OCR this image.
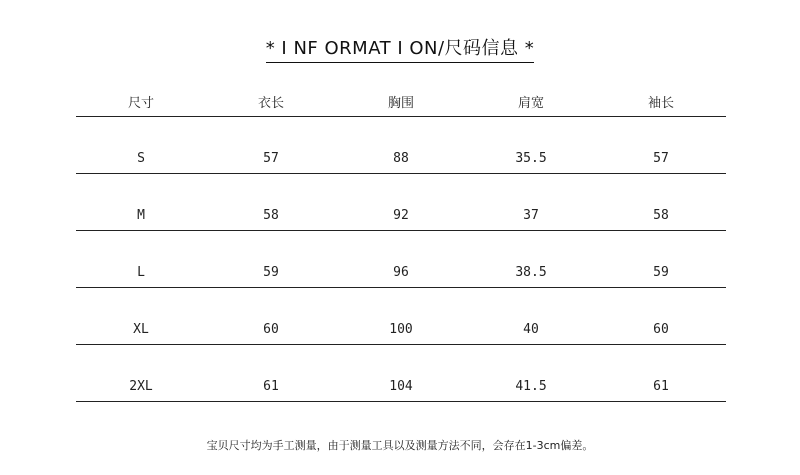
* I NF ORMAT I ON/尺码信息 *
尺寸	衣长	胸围	肩宽	袖长
S	57	88	35.5	57
M	58	92	37	58
L	59	96	38.5	59
XL	60	100	40	60
2XL	61	104	41.5	61
宝贝尺寸均为手工测量，由于测量工具以及测量方法不同，会存在1-3cm偏差。
